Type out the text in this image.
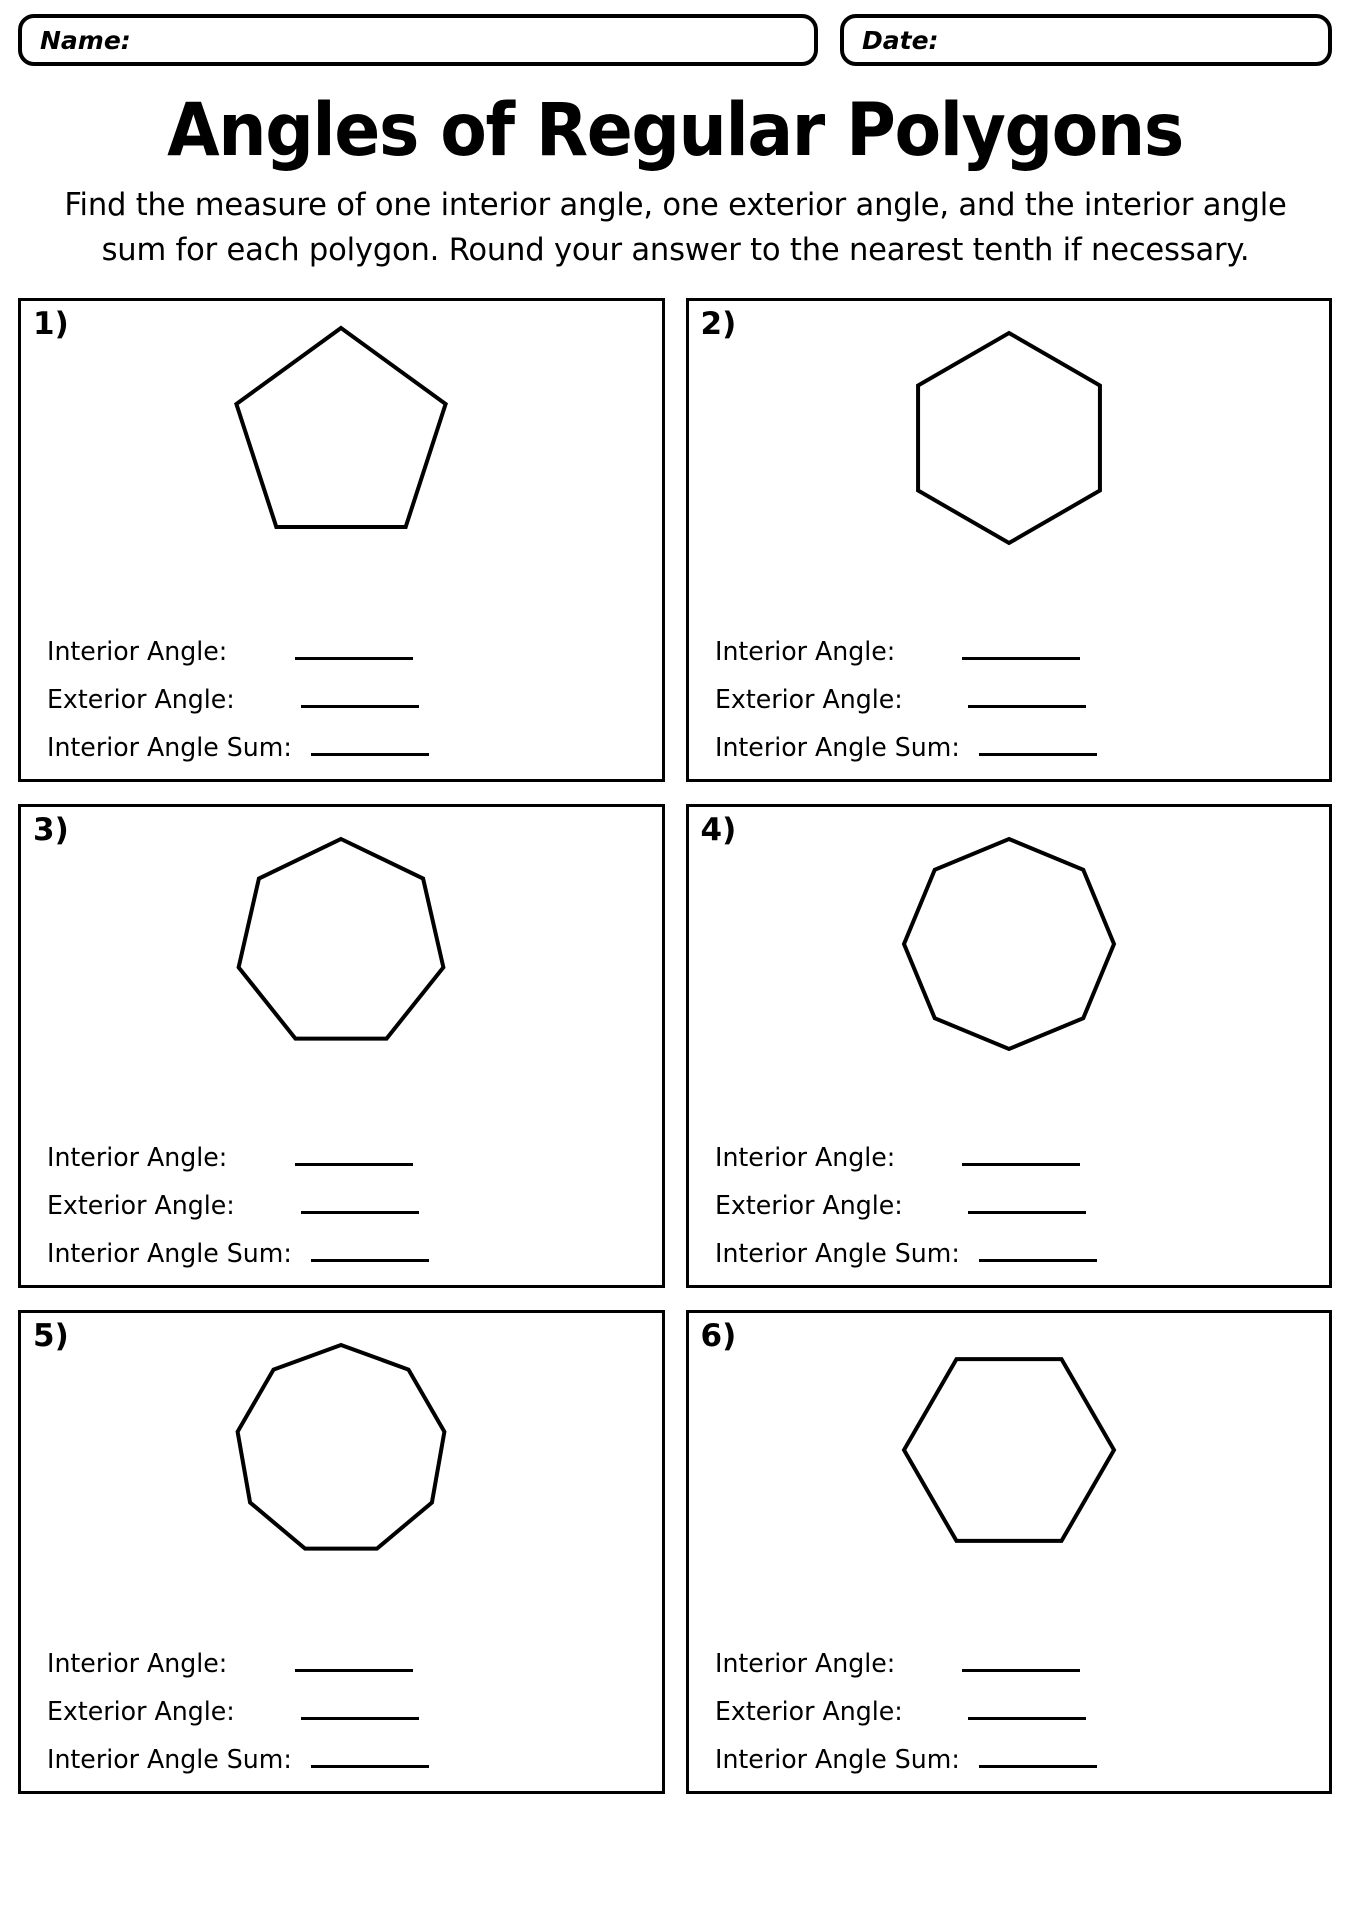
Name:	Date:
Angles of Regular Polygons

Find the measure of one interior angle, one exterior angle, and the interior angle sum for each polygon. Round your answer to the nearest tenth if necessary.

1)
Interior Angle:
Exterior Angle:
Interior Angle Sum:
2)
Interior Angle:
Exterior Angle:
Interior Angle Sum:
3)
Interior Angle:
Exterior Angle:
Interior Angle Sum:
4)
Interior Angle:
Exterior Angle:
Interior Angle Sum:
5)
Interior Angle:
Exterior Angle:
Interior Angle Sum:
6)
Interior Angle:
Exterior Angle:
Interior Angle Sum:
